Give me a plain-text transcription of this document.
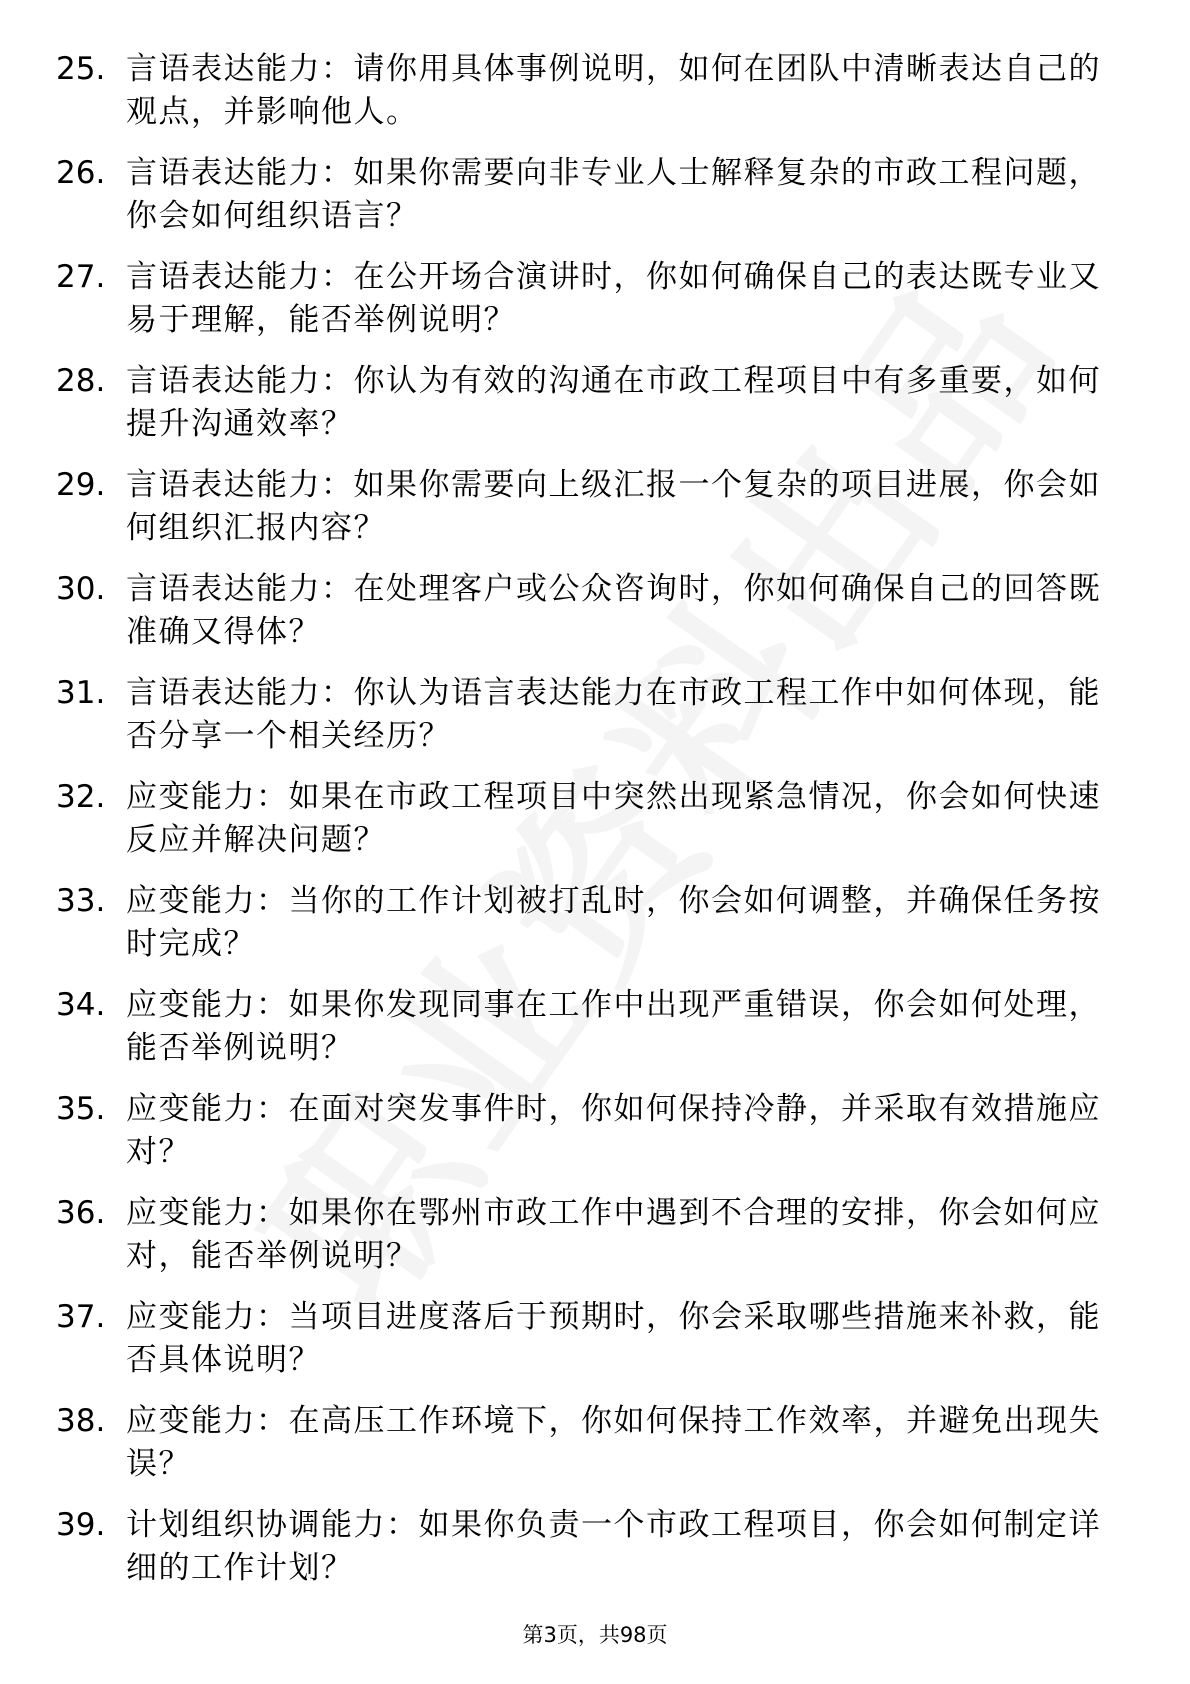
25. 言语表达能力：请你用具体事例说明，如何在团队中清晰表达自己的观点，并影响他人。
26. 言语表达能力：如果你需要向非专业人士解释复杂的市政工程问题，你会如何组织语言？
27. 言语表达能力：在公开场合演讲时，你如何确保自己的表达既专业又易于理解，能否举例说明？
28. 言语表达能力：你认为有效的沟通在市政工程项目中有多重要，如何提升沟通效率？
29. 言语表达能力：如果你需要向上级汇报一个复杂的项目进展，你会如何组织汇报内容？
30. 言语表达能力：在处理客户或公众咨询时，你如何确保自己的回答既准确又得体？
31. 言语表达能力：你认为语言表达能力在市政工程工作中如何体现，能否分享一个相关经历？
32. 应变能力：如果在市政工程项目中突然出现紧急情况，你会如何快速反应并解决问题？
33. 应变能力：当你的工作计划被打乱时，你会如何调整，并确保任务按时完成？
34. 应变能力：如果你发现同事在工作中出现严重错误，你会如何处理，能否举例说明？
35. 应变能力：在面对突发事件时，你如何保持冷静，并采取有效措施应对？
36. 应变能力：如果你在鄂州市政工作中遇到不合理的安排，你会如何应对，能否举例说明？
37. 应变能力：当项目进度落后于预期时，你会采取哪些措施来补救，能否具体说明？
38. 应变能力：在高压工作环境下，你如何保持工作效率，并避免出现失误？
39. 计划组织协调能力：如果你负责一个市政工程项目，你会如何制定详细的工作计划？
第3页，共98页
